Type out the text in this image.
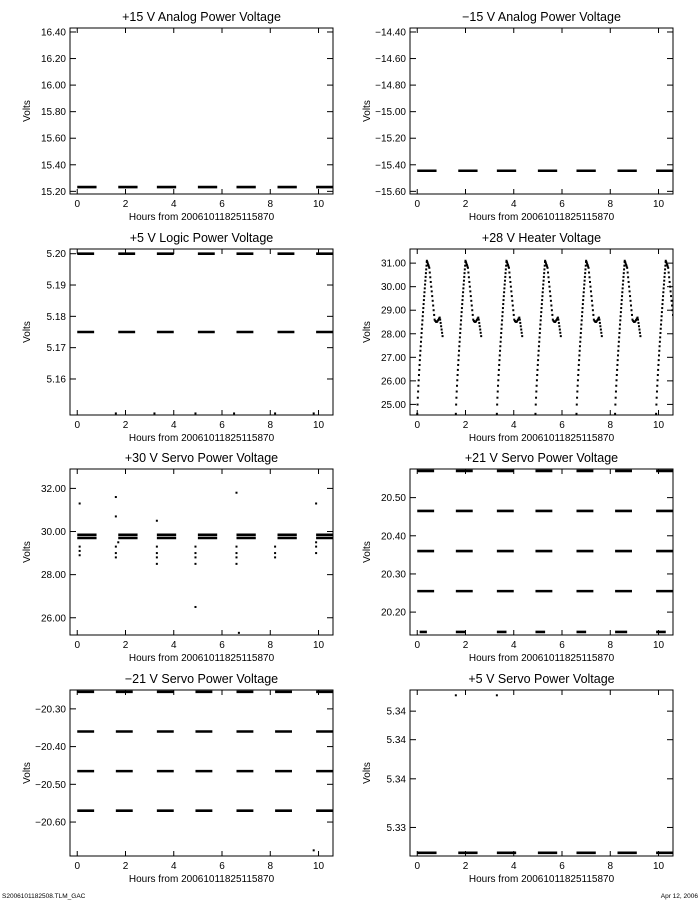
+15 V Analog Power Voltage
0	2	4	6	8	10
15.20
15.40
15.60
15.80
16.00
16.20
16.40
Hours from 20061011825115870
Volts
−15 V Analog Power Voltage
0	2	4	6	8	10
−14.40
−14.60
−14.80
−15.00
−15.20
−15.40
−15.60
Hours from 20061011825115870
Volts
+5 V Logic Power Voltage
0	2	4	6	8	10
5.16
5.17
5.18
5.19
5.20
Hours from 20061011825115870
Volts
+28 V Heater Voltage
0	2	4	6	8	10
25.00
26.00
27.00
28.00
29.00
30.00
31.00
Hours from 20061011825115870
Volts
+30 V Servo Power Voltage
0	2	4	6	8	10
26.00
28.00
30.00
32.00
Hours from 20061011825115870
Volts
+21 V Servo Power Voltage
0	2	4	6	8	10
20.20
20.30
20.40
20.50
Hours from 20061011825115870
Volts
−21 V Servo Power Voltage
0	2	4	6	8	10
−20.30
−20.40
−20.50
−20.60
Hours from 20061011825115870
Volts
+5 V Servo Power Voltage
0	2	4	6	8	10
5.33
5.34
5.34
5.34
Hours from 20061011825115870
Volts
S2006101182508.TLM_GAC	Apr 12, 2006
